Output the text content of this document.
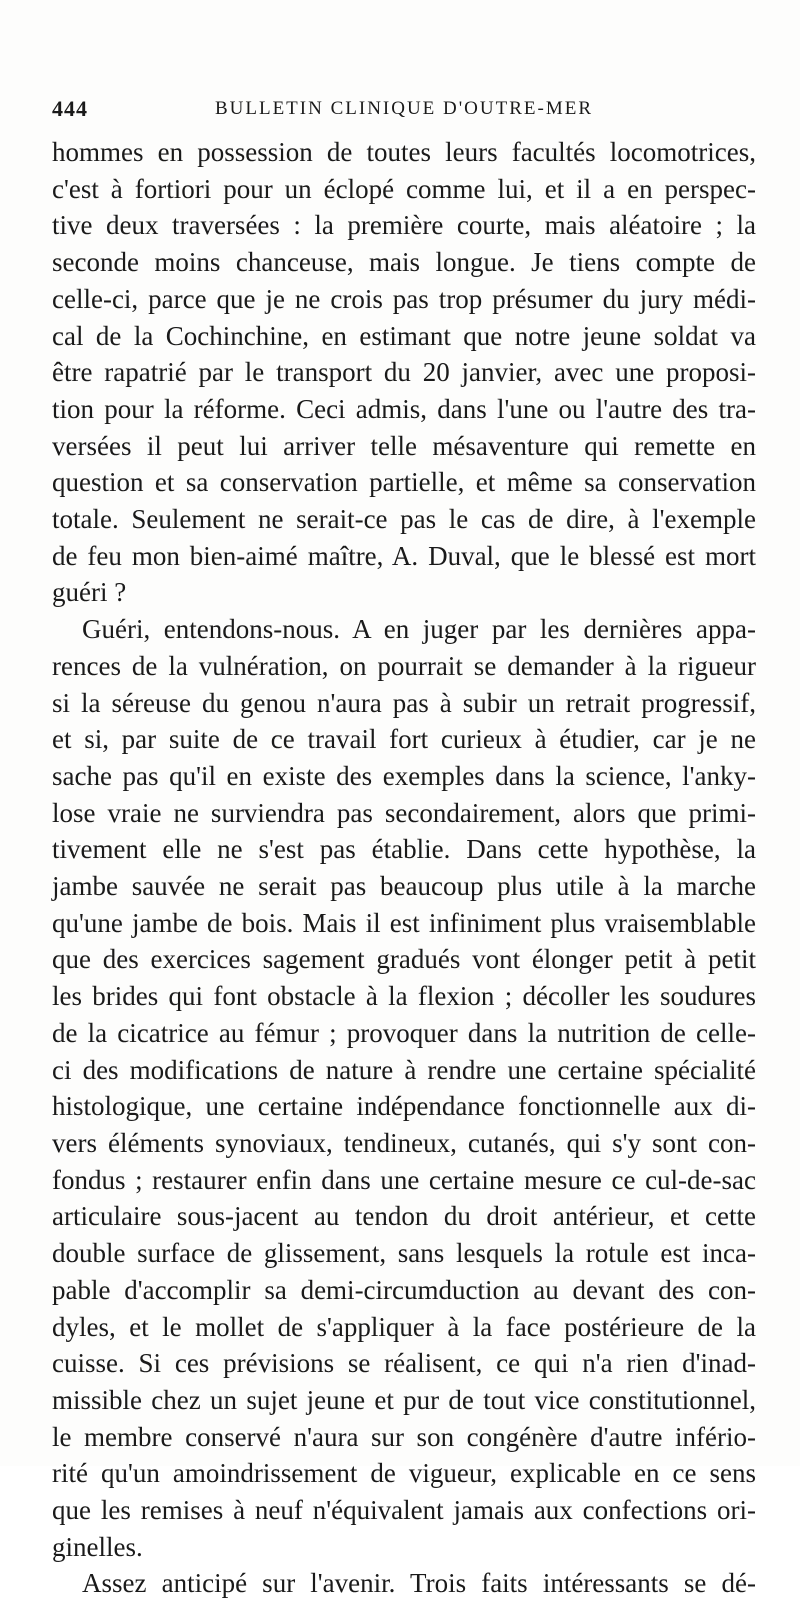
444	BULLETIN CLINIQUE D'OUTRE-MER

hommes en possession de toutes leurs facultés locomotrices,
c'est à fortiori pour un éclopé comme lui, et il a en perspec-
tive deux traversées : la première courte, mais aléatoire ; la
seconde moins chanceuse, mais longue. Je tiens compte de
celle-ci, parce que je ne crois pas trop présumer du jury médi-
cal de la Cochinchine, en estimant que notre jeune soldat va
être rapatrié par le transport du 20 janvier, avec une proposi-
tion pour la réforme. Ceci admis, dans l'une ou l'autre des tra-
versées il peut lui arriver telle mésaventure qui remette en
question et sa conservation partielle, et même sa conservation
totale. Seulement ne serait-ce pas le cas de dire, à l'exemple
de feu mon bien-aimé maître, A. Duval, que le blessé est mort
guéri ?

Guéri, entendons-nous. A en juger par les dernières appa-
rences de la vulnération, on pourrait se demander à la rigueur
si la séreuse du genou n'aura pas à subir un retrait progressif,
et si, par suite de ce travail fort curieux à étudier, car je ne
sache pas qu'il en existe des exemples dans la science, l'anky-
lose vraie ne surviendra pas secondairement, alors que primi-
tivement elle ne s'est pas établie. Dans cette hypothèse, la
jambe sauvée ne serait pas beaucoup plus utile à la marche
qu'une jambe de bois. Mais il est infiniment plus vraisemblable
que des exercices sagement gradués vont élonger petit à petit
les brides qui font obstacle à la flexion ; décoller les soudures
de la cicatrice au fémur ; provoquer dans la nutrition de celle-
ci des modifications de nature à rendre une certaine spécialité
histologique, une certaine indépendance fonctionnelle aux di-
vers éléments synoviaux, tendineux, cutanés, qui s'y sont con-
fondus ; restaurer enfin dans une certaine mesure ce cul-de-sac
articulaire sous-jacent au tendon du droit antérieur, et cette
double surface de glissement, sans lesquels la rotule est inca-
pable d'accomplir sa demi-circumduction au devant des con-
dyles, et le mollet de s'appliquer à la face postérieure de la
cuisse. Si ces prévisions se réalisent, ce qui n'a rien d'inad-
missible chez un sujet jeune et pur de tout vice constitutionnel,
le membre conservé n'aura sur son congénère d'autre infério-
rité qu'un amoindrissement de vigueur, explicable en ce sens
que les remises à neuf n'équivalent jamais aux confections ori-
ginelles.

Assez anticipé sur l'avenir. Trois faits intéressants se dé-
